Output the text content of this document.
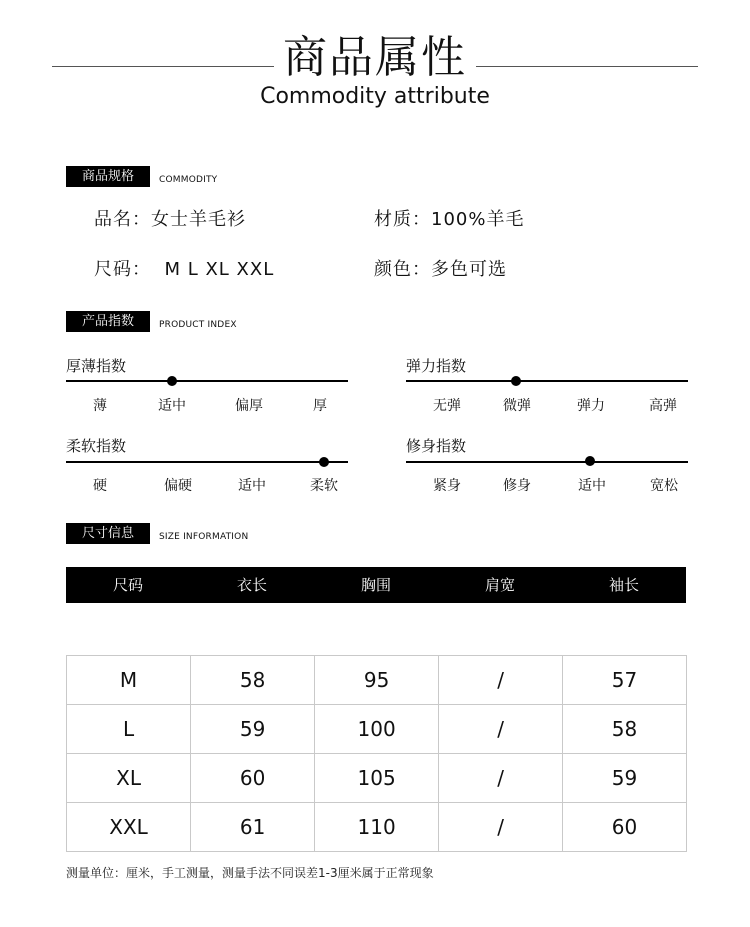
商品属性
Commodity attribute
商品规格	COMMODITY
品名：女士羊毛衫	材质：100%羊毛
尺码：  M L XL XXL	颜色：多色可选
产品指数	PRODUCT INDEX
厚薄指数
薄	适中	偏厚	厚
弹力指数
无弹	微弹	弹力	高弹
柔软指数
硬	偏硬	适中	柔软
修身指数
紧身	修身	适中	宽松
尺寸信息	SIZE INFORMATION
尺码	衣长	胸围	肩宽	袖长
M	58	95	/	57
L	59	100	/	58
XL	60	105	/	59
XXL	61	110	/	60
测量单位：厘米，手工测量，测量手法不同误差1-3厘米属于正常现象
